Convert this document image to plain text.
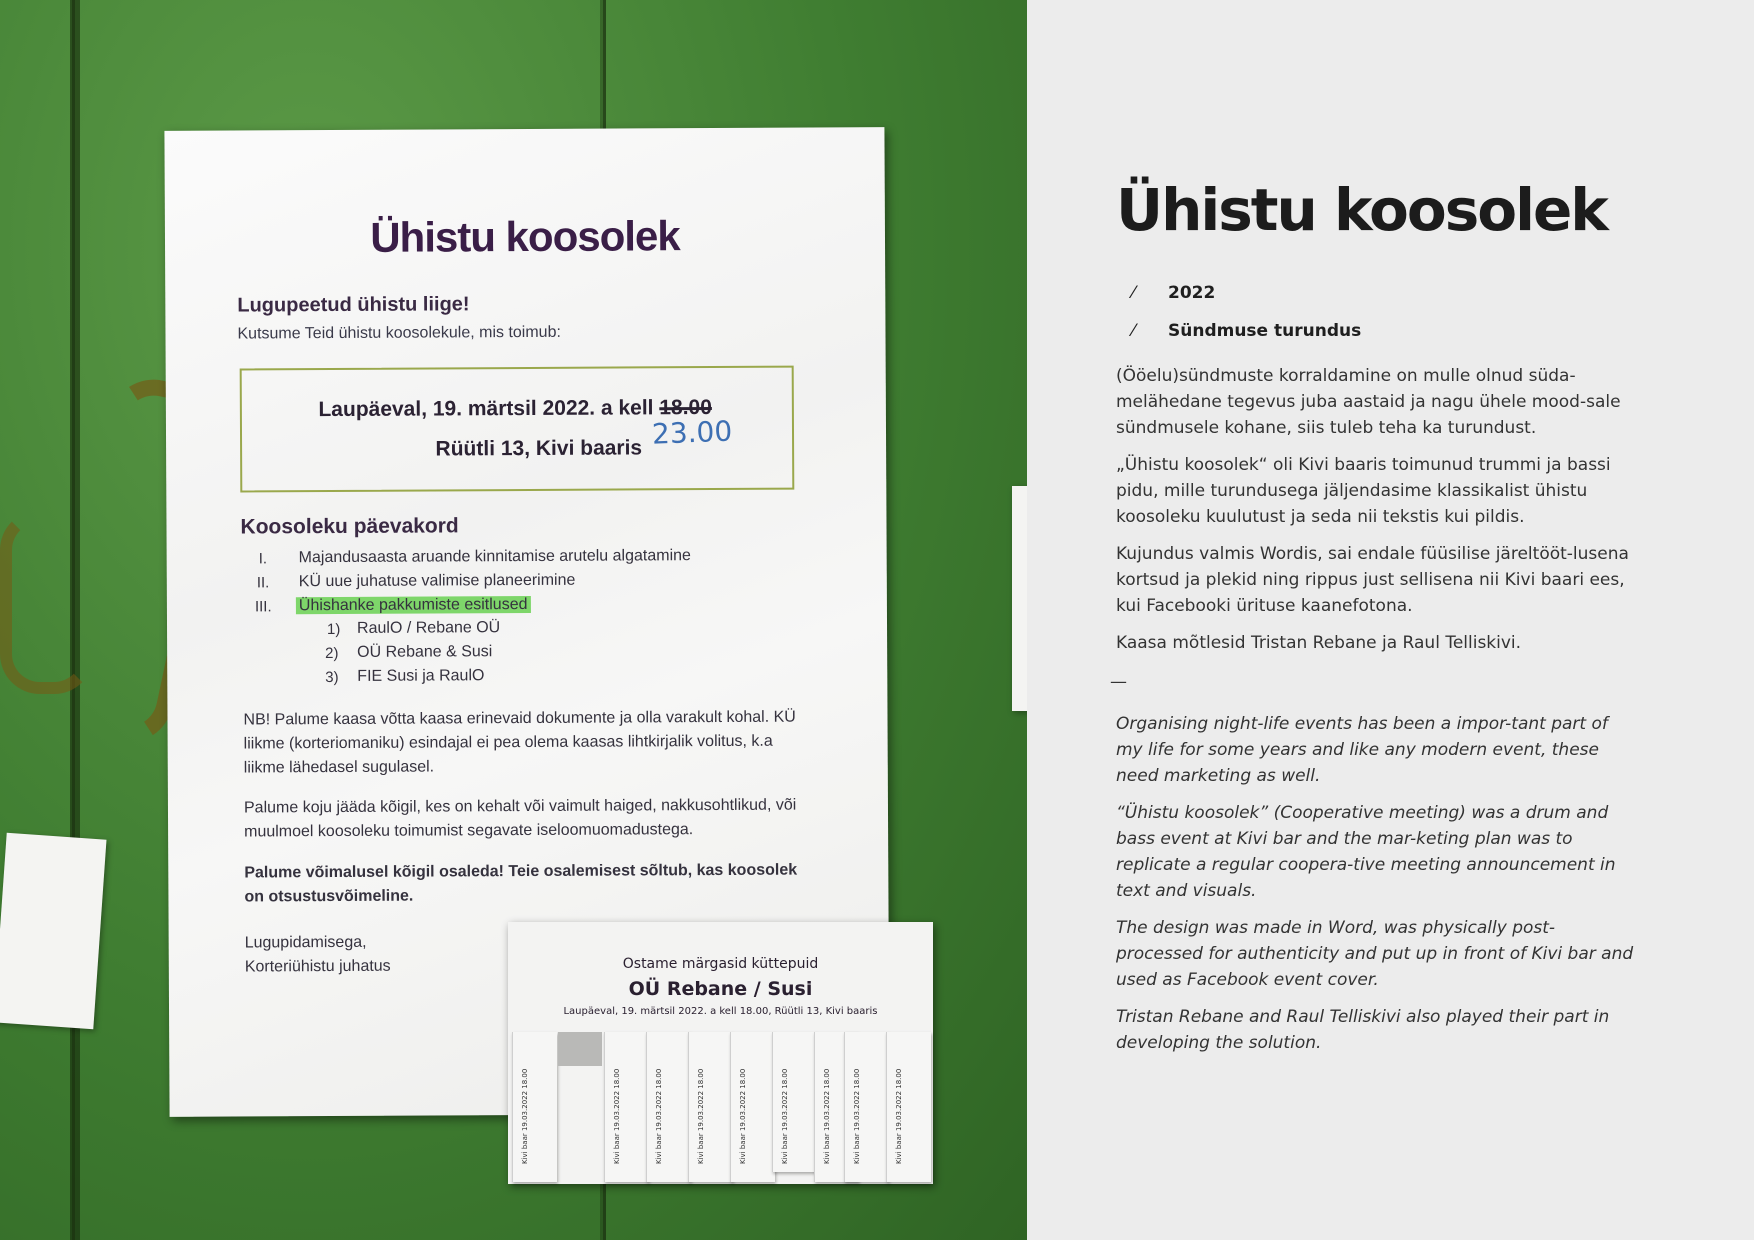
Ühistu koosolek
Lugupeetud ühistu liige!
Kutsume Teid ühistu koosolekule, mis toimub:
Laupäeval, 19. märtsil 2022. a kell 18.00
Rüütli 13, Kivi baaris 23.00
Koosoleku päevakord
I. Majandusaasta aruande kinnitamise arutelu algatamine
II. KÜ uue juhatuse valimise planeerimine
III. Ühishanke pakkumiste esitlused
1) RaulO / Rebane OÜ
2) OÜ Rebane & Susi
3) FIE Susi ja RaulO
NB! Palume kaasa võtta kaasa erinevaid dokumente ja olla varakult kohal. KÜ liikme (korteriomaniku) esindajal ei pea olema kaasas lihtkirjalik volitus, k.a liikme lähedasel sugulasel.
Palume koju jääda kõigil, kes on kehalt või vaimult haiged, nakkusohtlikud, või muulmoel koosoleku toimumist segavate iseloomuomadustega.
Palume võimalusel kõigil osaleda! Teie osalemisest sõltub, kas koosolek on otsustusvõimeline.
Lugupidamisega,
Korteriühistu juhatus	Ostame märgasid küttepuid
OÜ Rebane / Susi
Laupäeval, 19. märtsil 2022. a kell 18.00, Rüütli 13, Kivi baaris
Kivi baar 19.03.2022 18.00	Kivi baar 19.03.2022 18.00	Kivi baar 19.03.2022 18.00	Kivi baar 19.03.2022 18.00	Kivi baar 19.03.2022 18.00	Kivi baar 19.03.2022 18.00	Kivi baar 19.03.2022 18.00	Kivi baar 19.03.2022 18.00	Kivi baar 19.03.2022 18.00
Ühistu koosolek
⁄ 2022
⁄ Sündmuse turundus

(Ööelu)sündmuste korraldamine on mulle olnud süda-melähedane tegevus juba aastaid ja nagu ühele mood-sale sündmusele kohane, siis tuleb teha ka turundust.

„Ühistu koosolek“ oli Kivi baaris toimunud trummi ja bassi pidu, mille turundusega jäljendasime klassikalist ühistu koosoleku kuulutust ja seda nii tekstis kui pildis.

Kujundus valmis Wordis, sai endale füüsilise järeltööt-lusena kortsud ja plekid ning rippus just sellisena nii Kivi baari ees, kui Facebooki ürituse kaanefotona.

Kaasa mõtlesid Tristan Rebane ja Raul Telliskivi.

—

Organising night-life events has been a impor-tant part of my life for some years and like any modern event, these need marketing as well.

“Ühistu koosolek” (Cooperative meeting) was a drum and bass event at Kivi bar and the mar-keting plan was to replicate a regular coopera-tive meeting announcement in text and visuals.

The design was made in Word, was physically post-processed for authenticity and put up in front of Kivi bar and used as Facebook event cover.

Tristan Rebane and Raul Telliskivi also played their part in developing the solution.
